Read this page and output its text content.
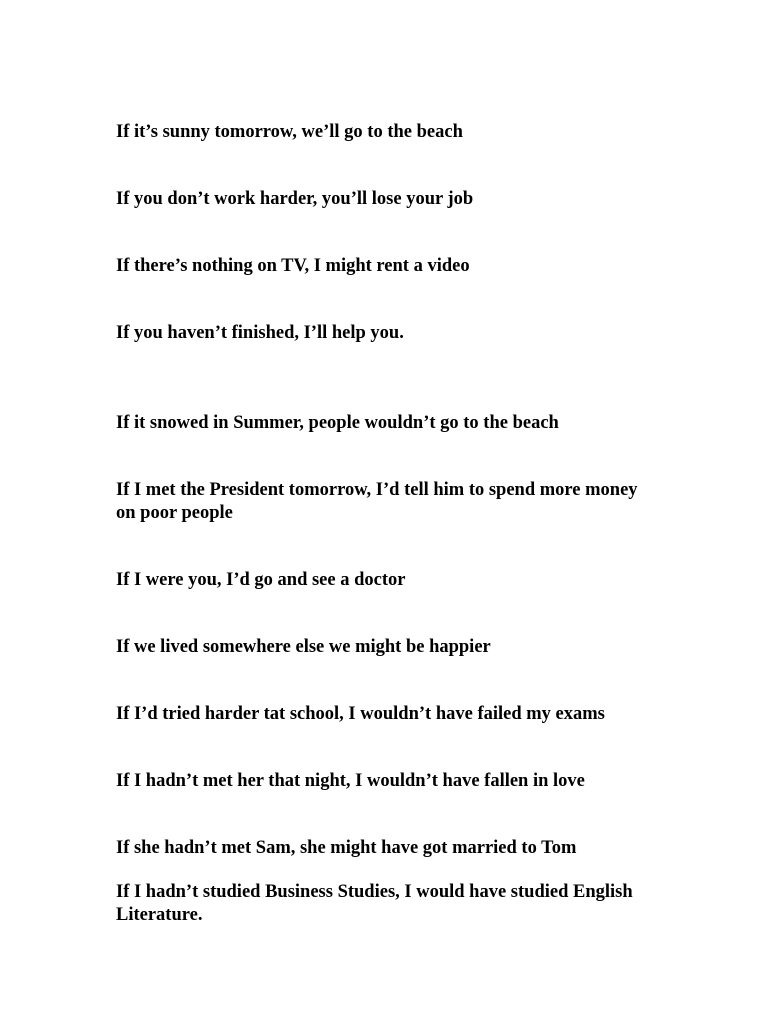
If it’s sunny tomorrow, we’ll go to the beach

If you don’t work harder, you’ll lose your job

If there’s nothing on TV, I might rent a video

If you haven’t finished, I’ll help you.

If it snowed in Summer, people wouldn’t go to the beach

If I met the President tomorrow, I’d tell him to spend more money on poor people

If I were you, I’d go and see a doctor

If we lived somewhere else we might be happier

If I’d tried harder tat school, I wouldn’t have failed my exams

If I hadn’t met her that night, I wouldn’t have fallen in love

If she hadn’t met Sam, she might have got married to Tom

If I hadn’t studied Business Studies, I would have studied English Literature.
